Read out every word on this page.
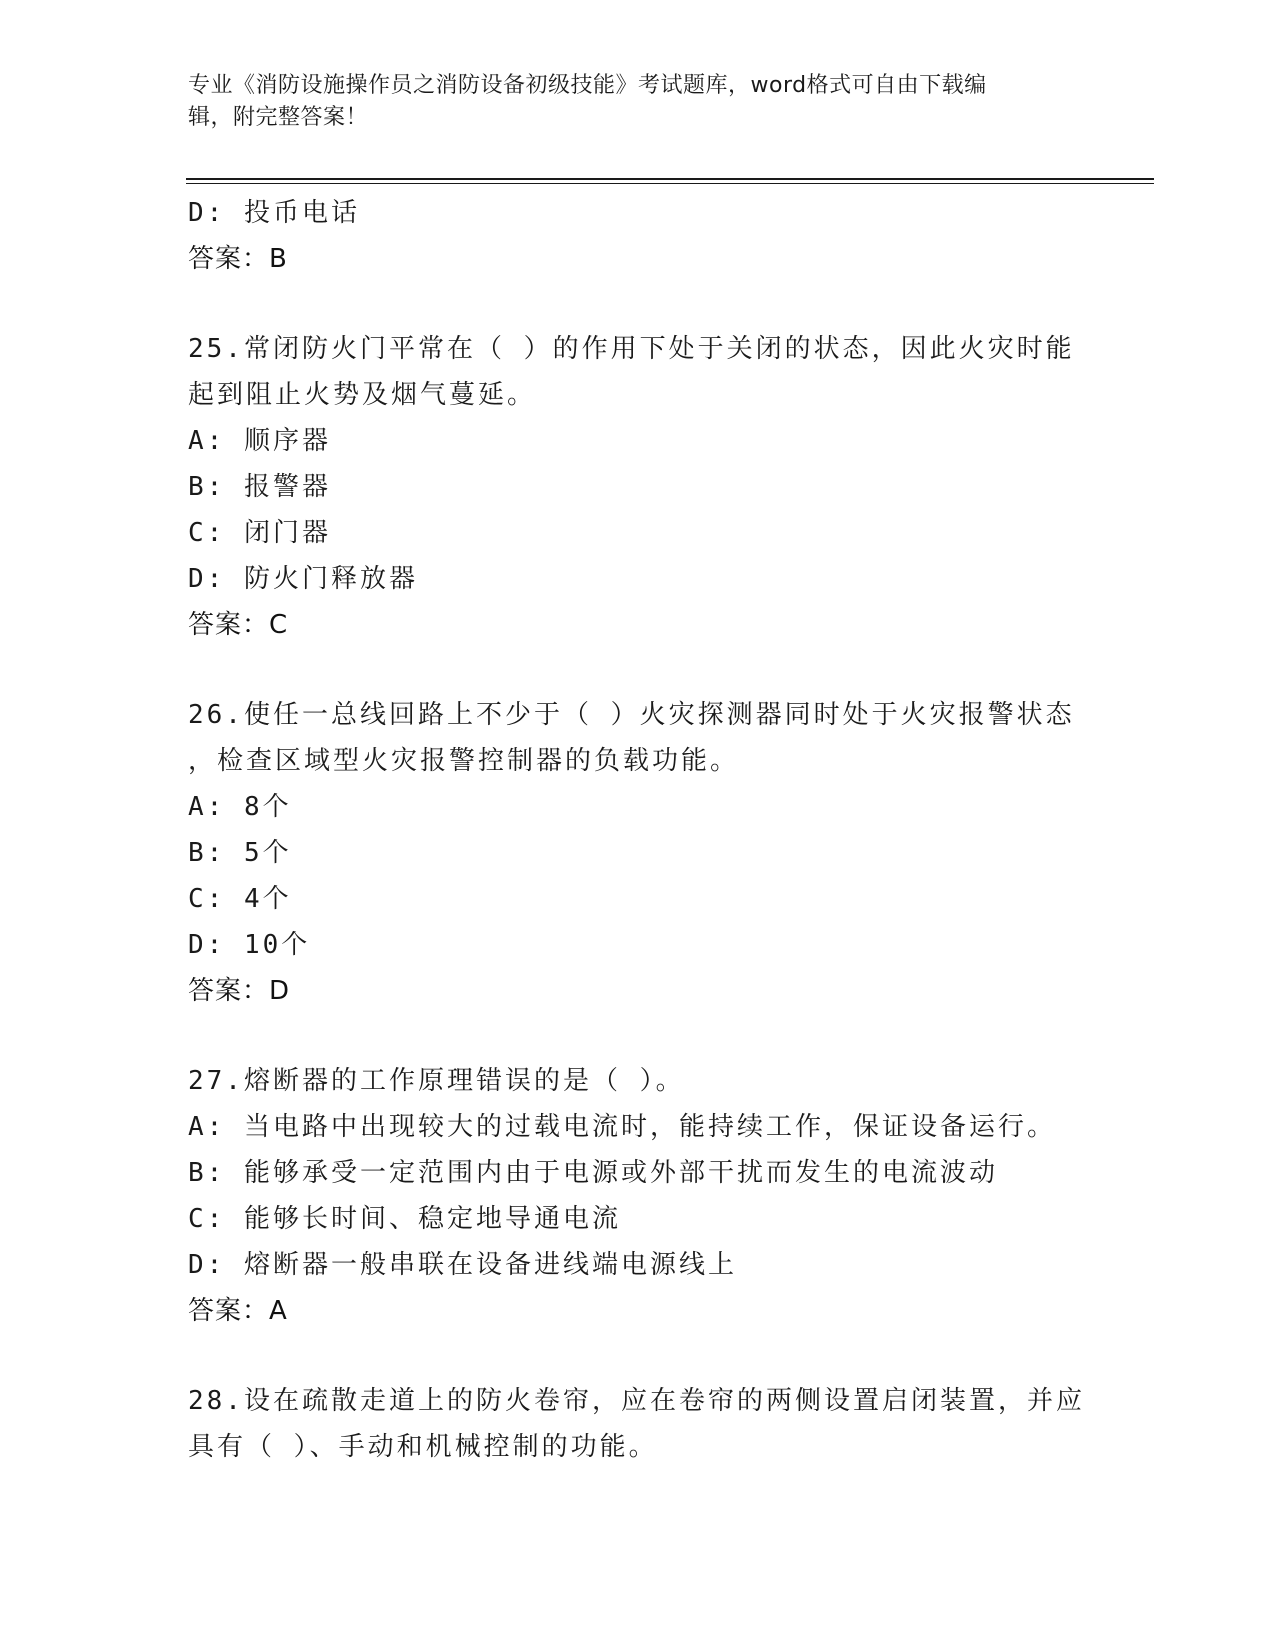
专业《消防设施操作员之消防设备初级技能》考试题库，word格式可自由下载编
辑，附完整答案！
D: 投币电话
答案：B
25.常闭防火门平常在（ ）的作用下处于关闭的状态，因此火灾时能
起到阻止火势及烟气蔓延。
A: 顺序器
B: 报警器
C: 闭门器
D: 防火门释放器
答案：C
26.使任一总线回路上不少于（ ）火灾探测器同时处于火灾报警状态
，检查区域型火灾报警控制器的负载功能。
A: 8个
B: 5个
C: 4个
D: 10个
答案：D
27.熔断器的工作原理错误的是（ ）。
A: 当电路中出现较大的过载电流时，能持续工作，保证设备运行。
B: 能够承受一定范围内由于电源或外部干扰而发生的电流波动
C: 能够长时间、稳定地导通电流
D: 熔断器一般串联在设备进线端电源线上
答案：A
28.设在疏散走道上的防火卷帘，应在卷帘的两侧设置启闭装置，并应
具有（ ）、手动和机械控制的功能。
